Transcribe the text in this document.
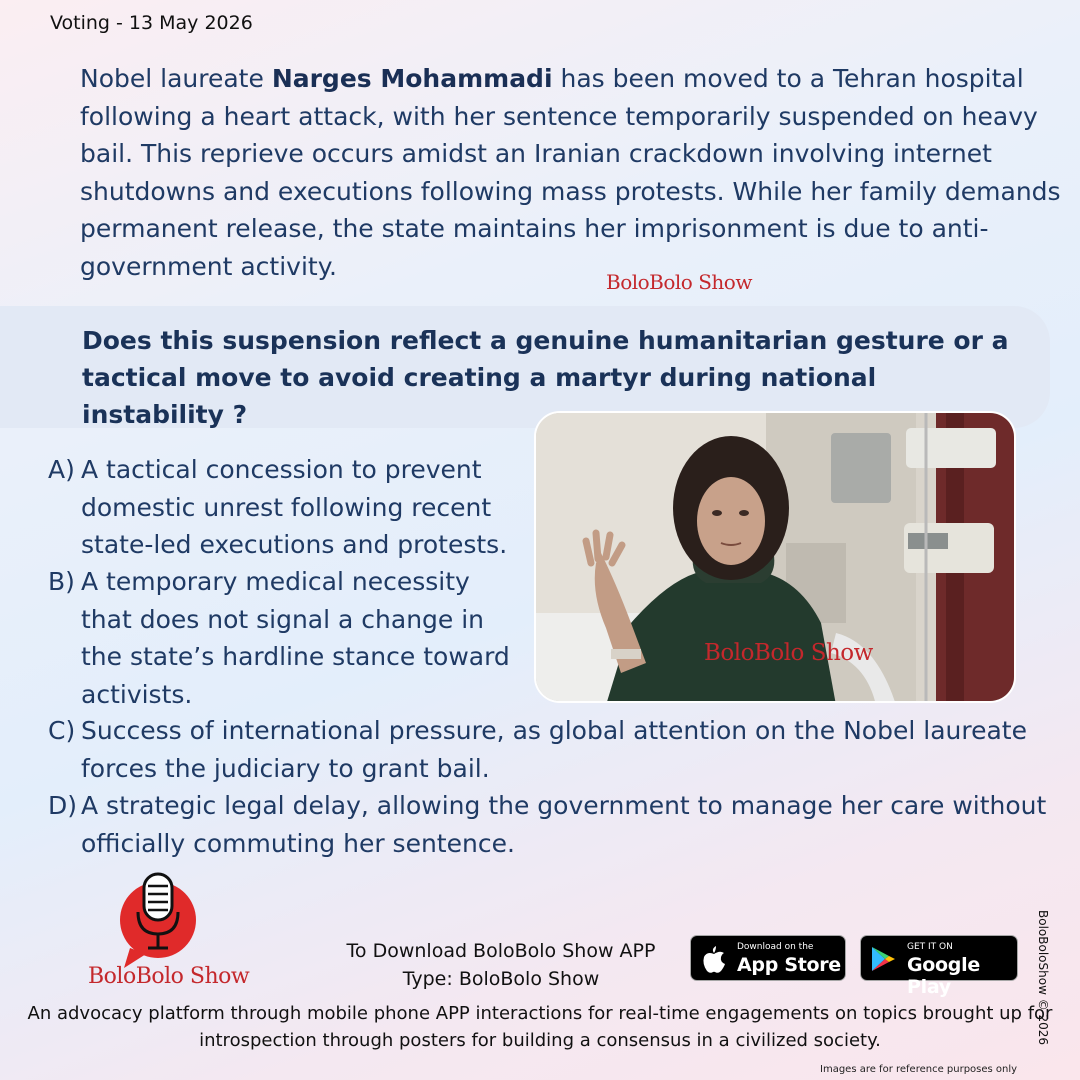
Voting - 13 May 2026
Nobel laureate Narges Mohammadi has been moved to a Tehran hospital following a heart attack, with her sentence temporarily suspended on heavy bail. This reprieve occurs amidst an Iranian crackdown involving internet shutdowns and executions following mass protests. While her family demands permanent release, the state maintains her imprisonment is due to anti-government activity.
BoloBolo Show
Does this suspension reflect a genuine humanitarian gesture or a tactical move to avoid creating a martyr during national instability ?
BoloBolo Show
A) A tactical concession to prevent domestic unrest following recent state-led executions and protests.
B) A temporary medical necessity that does not signal a change in the state’s hardline stance toward activists.
C) Success of international pressure, as global attention on the Nobel laureate forces the judiciary to grant bail.
D) A strategic legal delay, allowing the government to manage her care without officially commuting her sentence.
BoloBolo Show
To Download BoloBolo Show APP
Type: BoloBolo Show
Download on the
App Store
GET IT ON
Google Play
An advocacy platform through mobile phone APP interactions for real-time engagements on topics brought up for introspection through posters for building a consensus in a civilized society.	BoloBoloShow © 2026
Images are for reference purposes only
